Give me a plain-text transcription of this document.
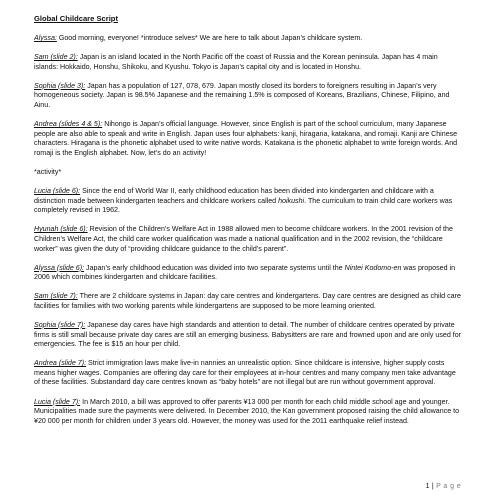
Global Childcare Script
Alyssa: Good morning, everyone! *introduce selves* We are here to talk about Japan’s childcare system.
Sam (slide 2): Japan is an island located in the North Pacific off the coast of Russia and the Korean peninsula. Japan has 4 main islands: Hokkaido, Honshu, Shikoku, and Kyushu. Tokyo is Japan’s capital city and is located in Honshu.
Sophia (slide 3): Japan has a population of 127, 078, 679. Japan mostly closed its borders to foreigners resulting in Japan’s very homogeneous society. Japan is 98.5% Japanese and the remaining 1.5% is composed of Koreans, Brazilians, Chinese, Filipino, and Ainu.
Andrea (slides 4 & 5): Nihongo is Japan’s official language. However, since English is part of the school curriculum, many Japanese people are also able to speak and write in English. Japan uses four alphabets: kanji, hiragana, katakana, and romaji. Kanji are Chinese characters. Hiragana is the phonetic alphabet used to write native words. Katakana is the phonetic alphabet to write foreign words. And romaji is the English alphabet. Now, let’s do an activity!
*activity*
Lucia (slide 6): Since the end of World War II, early childhood education has been divided into kindergarten and childcare with a distinction made between kindergarten teachers and childcare workers called hoikushi. The curriculum to train child care workers was completely revised in 1962.
Hyunah (slide 6): Revision of the Children’s Welfare Act in 1988 allowed men to become childcare workers. In the 2001 revision of the Children’s Welfare Act, the child care worker qualification was made a national qualification and in the 2002 revision, the “childcare worker” was given the duty of “providing childcare guidance to the child’s parent”.
Alyssa (slide 6): Japan’s early childhood education was divided into two separate systems until the Nintei Kodomo-en was proposed in 2006 which combines kindergarten and childcare facilities.
Sam (slide 7): There are 2 childcare systems in Japan: day care centres and kindergartens. Day care centres are designed as child care facilities for families with two working parents while kindergartens are supposed to be more learning oriented.
Sophia (slide 7): Japanese day cares have high standards and attention to detail. The number of childcare centres operated by private firms is still small because private day cares are still an emerging business. Babysitters are rare and frowned upon and are only used for emergencies. The fee is $15 an hour per child.
Andrea (slide 7): Strict immigration laws make live-in nannies an unrealistic option. Since childcare is intensive, higher supply costs means higher wages. Companies are offering day care for their employees at in-hour centres and many company men take advantage of these facilities. Substandard day care centres known as “baby hotels” are not illegal but are run without government approval.
Lucia (slide 7): In March 2010, a bill was approved to offer parents ¥13 000 per month for each child middle school age and younger. Municipalities made sure the payments were delivered. In December 2010, the Kan government proposed raising the child allowance to ¥20 000 per month for children under 3 years old. However, the money was used for the 2011 earthquake relief instead.
1 | P a g e
